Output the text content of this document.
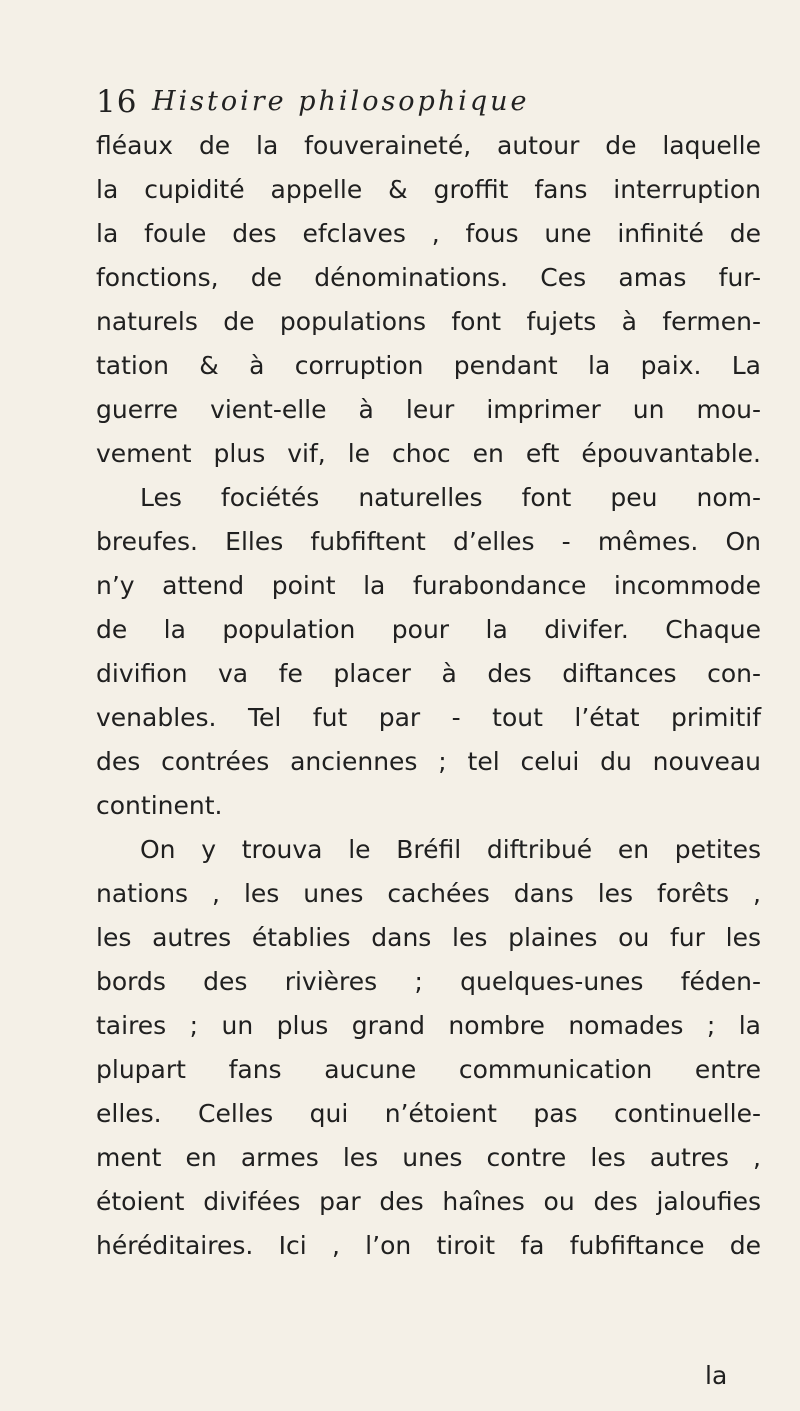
16 Histoire philosophique
fléaux de la fouveraineté, autour de laquelle
la cupidité appelle & groffit fans interruption
la foule des efclaves , fous une infinité de
fonctions, de dénominations. Ces amas fur-
naturels de populations font fujets à fermen-
tation & à corruption pendant la paix. La
guerre vient-elle à leur imprimer un mou-
vement plus vif, le choc en eft épouvantable.
Les fociétés naturelles font peu nom-
breufes. Elles fubfiftent d’elles - mêmes. On
n’y attend point la furabondance incommode
de la population pour la divifer. Chaque
divifion va fe placer à des diftances con-
venables. Tel fut par - tout l’état primitif
des contrées anciennes ; tel celui du nouveau
continent.
On y trouva le Bréfil diftribué en petites
nations , les unes cachées dans les forêts ,
les autres établies dans les plaines ou fur les
bords des rivières ; quelques-unes féden-
taires ; un plus grand nombre nomades ; la
plupart fans aucune communication entre
elles. Celles qui n’étoient pas continuelle-
ment en armes les unes contre les autres ,
étoient divifées par des haînes ou des jaloufies
héréditaires. Ici , l’on tiroit fa fubfiftance de
la
